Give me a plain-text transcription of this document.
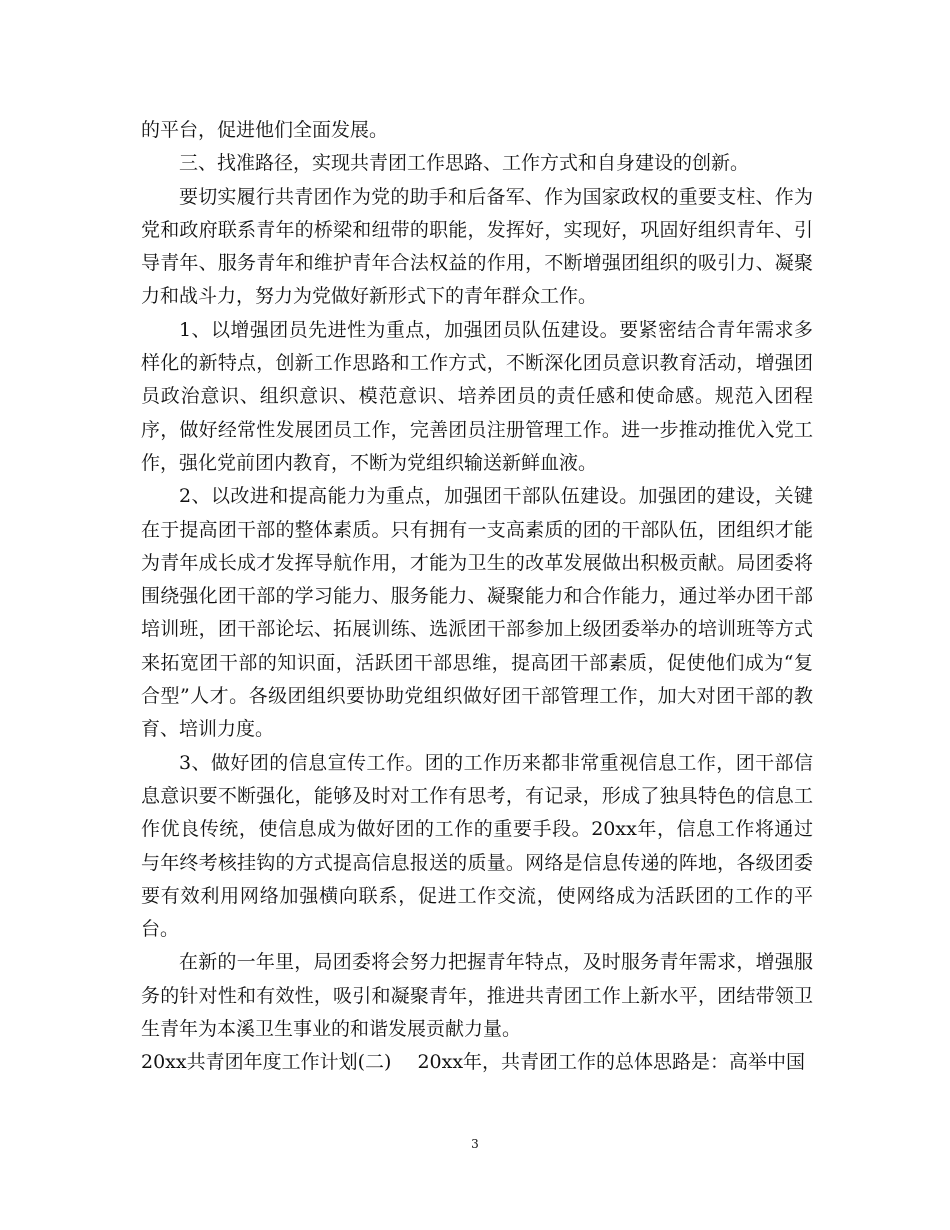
的平台，促进他们全面发展。

三、找准路径，实现共青团工作思路、工作方式和自身建设的创新。

要切实履行共青团作为党的助手和后备军、作为国家政权的重要支柱、作为党和政府联系青年的桥梁和纽带的职能，发挥好，实现好，巩固好组织青年、引导青年、服务青年和维护青年合法权益的作用，不断增强团组织的吸引力、凝聚力和战斗力，努力为党做好新形式下的青年群众工作。

1、以增强团员先进性为重点，加强团员队伍建设。要紧密结合青年需求多样化的新特点，创新工作思路和工作方式，不断深化团员意识教育活动，增强团员政治意识、组织意识、模范意识、培养团员的责任感和使命感。规范入团程序，做好经常性发展团员工作，完善团员注册管理工作。进一步推动推优入党工作，强化党前团内教育，不断为党组织输送新鲜血液。

2、以改进和提高能力为重点，加强团干部队伍建设。加强团的建设，关键在于提高团干部的整体素质。只有拥有一支高素质的团的干部队伍，团组织才能为青年成长成才发挥导航作用，才能为卫生的改革发展做出积极贡献。局团委将围绕强化团干部的学习能力、服务能力、凝聚能力和合作能力，通过举办团干部培训班，团干部论坛、拓展训练、选派团干部参加上级团委举办的培训班等方式来拓宽团干部的知识面，活跃团干部思维，提高团干部素质，促使他们成为“复合型”人才。各级团组织要协助党组织做好团干部管理工作，加大对团干部的教育、培训力度。

3、做好团的信息宣传工作。团的工作历来都非常重视信息工作，团干部信息意识要不断强化，能够及时对工作有思考，有记录，形成了独具特色的信息工作优良传统，使信息成为做好团的工作的重要手段。20xx年，信息工作将通过与年终考核挂钩的方式提高信息报送的质量。网络是信息传递的阵地，各级团委要有效利用网络加强横向联系，促进工作交流，使网络成为活跃团的工作的平台。

在新的一年里，局团委将会努力把握青年特点，及时服务青年需求，增强服务的针对性和有效性，吸引和凝聚青年，推进共青团工作上新水平，团结带领卫生青年为本溪卫生事业的和谐发展贡献力量。

20xx共青团年度工作计划(二) 20xx年，共青团工作的总体思路是：高举中国

3
